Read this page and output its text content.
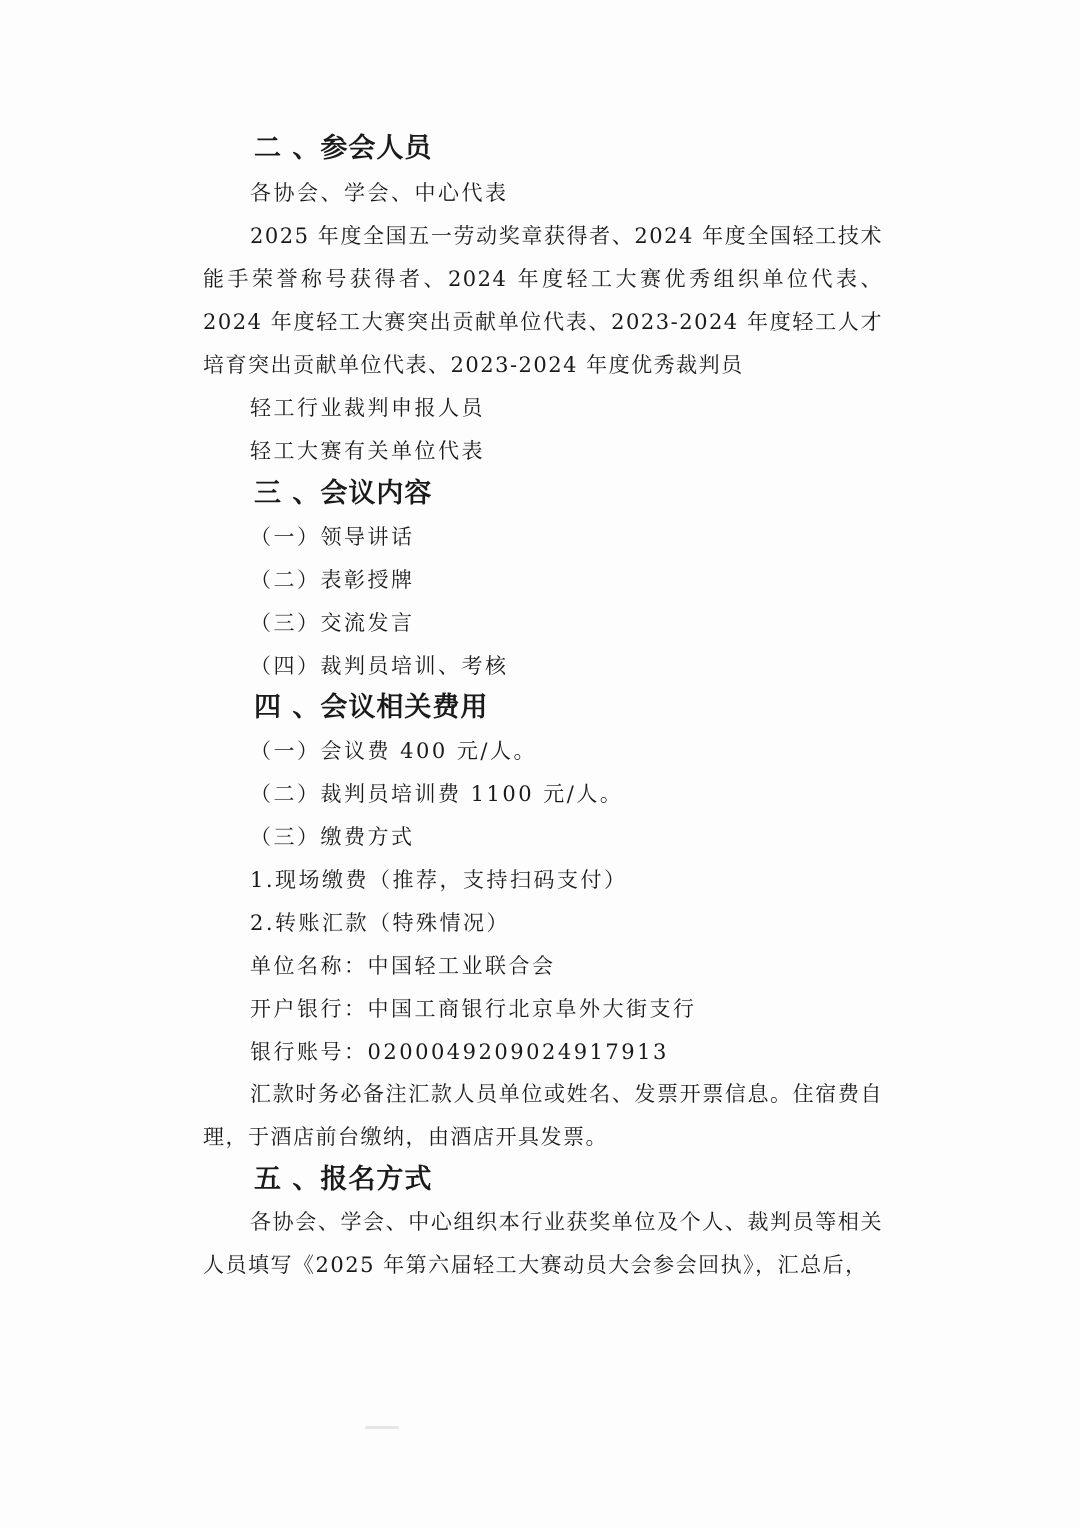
二 、参会人员
各协会、学会、中心代表
2025 年度全国五一劳动奖章获得者、2024 年度全国轻工技术能手荣誉称号获得者、2024 年度轻工大赛优秀组织单位代表、2024 年度轻工大赛突出贡献单位代表、2023-2024 年度轻工人才培育突出贡献单位代表、2023-2024 年度优秀裁判员
轻工行业裁判申报人员
轻工大赛有关单位代表
三 、会议内容
（一）领导讲话
（二）表彰授牌
（三）交流发言
（四）裁判员培训、考核
四 、会议相关费用
（一）会议费 400 元/人。
（二）裁判员培训费 1100 元/人。
（三）缴费方式
1.现场缴费（推荐，支持扫码支付）
2.转账汇款（特殊情况）
单位名称：中国轻工业联合会
开户银行：中国工商银行北京阜外大街支行
银行账号：0200049209024917913
汇款时务必备注汇款人员单位或姓名、发票开票信息。住宿费自理，于酒店前台缴纳，由酒店开具发票。
五 、报名方式
各协会、学会、中心组织本行业获奖单位及个人、裁判员等相关人员填写《2025 年第六届轻工大赛动员大会参会回执》，汇总后，
